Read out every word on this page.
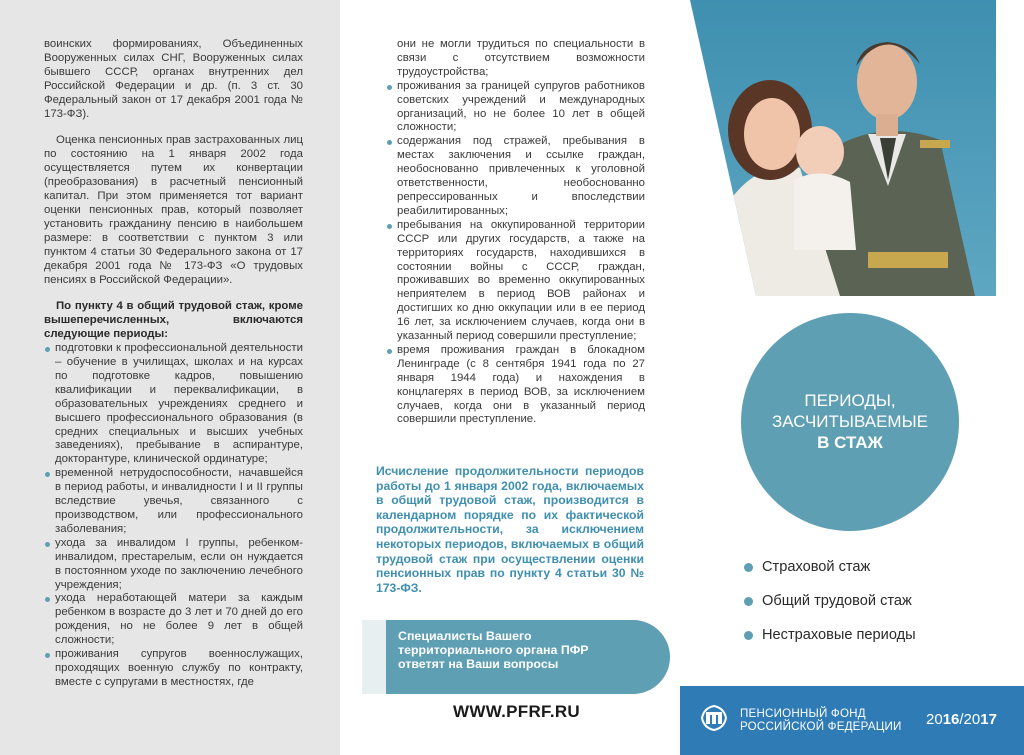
воинских формированиях, Объединенных Вооруженных силах СНГ, Вооруженных силах бывшего СССР, органах внутренних дел Российской Федерации и др. (п. 3 ст. 30 Федеральный закон от 17 декабря 2001 года № 173-ФЗ).

Оценка пенсионных прав застрахованных лиц по состоянию на 1 января 2002 года осуществляется путем их конвертации (преобразования) в расчетный пенсионный капитал. При этом применяется тот вариант оценки пенсионных прав, который позволяет установить гражданину пенсию в наибольшем размере: в соответствии с пунктом 3 или пунктом 4 статьи 30 Федерального закона от 17 декабря 2001 года № 173-ФЗ «О трудовых пенсиях в Российской Федерации».

По пункту 4 в общий трудовой стаж, кроме вышеперечисленных, включаются следующие периоды:

подготовки к профессиональной деятельности – обучение в училищах, школах и на курсах по подготовке кадров, повышению квалификации и переквалификации, в образовательных учреждениях среднего и высшего профессионального образования (в средних специальных и высших учебных заведениях), пребывание в аспирантуре, докторантуре, клинической ординатуре;
временной нетрудоспособности, начавшейся в период работы, и инвалидности I и II группы вследствие увечья, связанного с производством, или профессионального заболевания;
ухода за инвалидом I группы, ребенком-инвалидом, престарелым, если он нуждается в постоянном уходе по заключению лечебного учреждения;
ухода неработающей матери за каждым ребенком в возрасте до 3 лет и 70 дней до его рождения, но не более 9 лет в общей сложности;
проживания супругов военнослужащих, проходящих военную службу по контракту, вместе с супругами в местностях, где

они не могли трудиться по специальности в связи с отсутствием возможности трудоустройства;

проживания за границей супругов работников советских учреждений и международных организаций, но не более 10 лет в общей сложности;
содержания под стражей, пребывания в местах заключения и ссылке граждан, необоснованно привлеченных к уголовной ответственности, необоснованно репрессированных и впоследствии реабилитированных;
пребывания на оккупированной территории СССР или других государств, а также на территориях государств, находившихся в состоянии войны с СССР, граждан, проживавших во временно оккупированных неприятелем в период ВОВ районах и достигших ко дню оккупации или в ее период 16 лет, за исключением случаев, когда они в указанный период совершили преступление;
время проживания граждан в блокадном Ленинграде (с 8 сентября 1941 года по 27 января 1944 года) и нахождения в концлагерях в период ВОВ, за исключением случаев, когда они в указанный период совершили преступление.

Исчисление продолжительности периодов работы до 1 января 2002 года, включаемых в общий трудовой стаж, производится в календарном порядке по их фактической продолжительности, за исключением некоторых периодов, включаемых в общий трудовой стаж при осуществлении оценки пенсионных прав по пункту 4 статьи 30 № 173-ФЗ.

Специалисты Вашего территориального органа ПФР ответят на Ваши вопросы

WWW.PFRF.RU
ПЕРИОДЫ,
ЗАСЧИТЫВАЕМЫЕ
В СТАЖ
Страховой стаж
Общий трудовой стаж
Нестраховые периоды
ПЕНСИОННЫЙ ФОНД
РОССИЙСКОЙ ФЕДЕРАЦИИ 2016/2017
